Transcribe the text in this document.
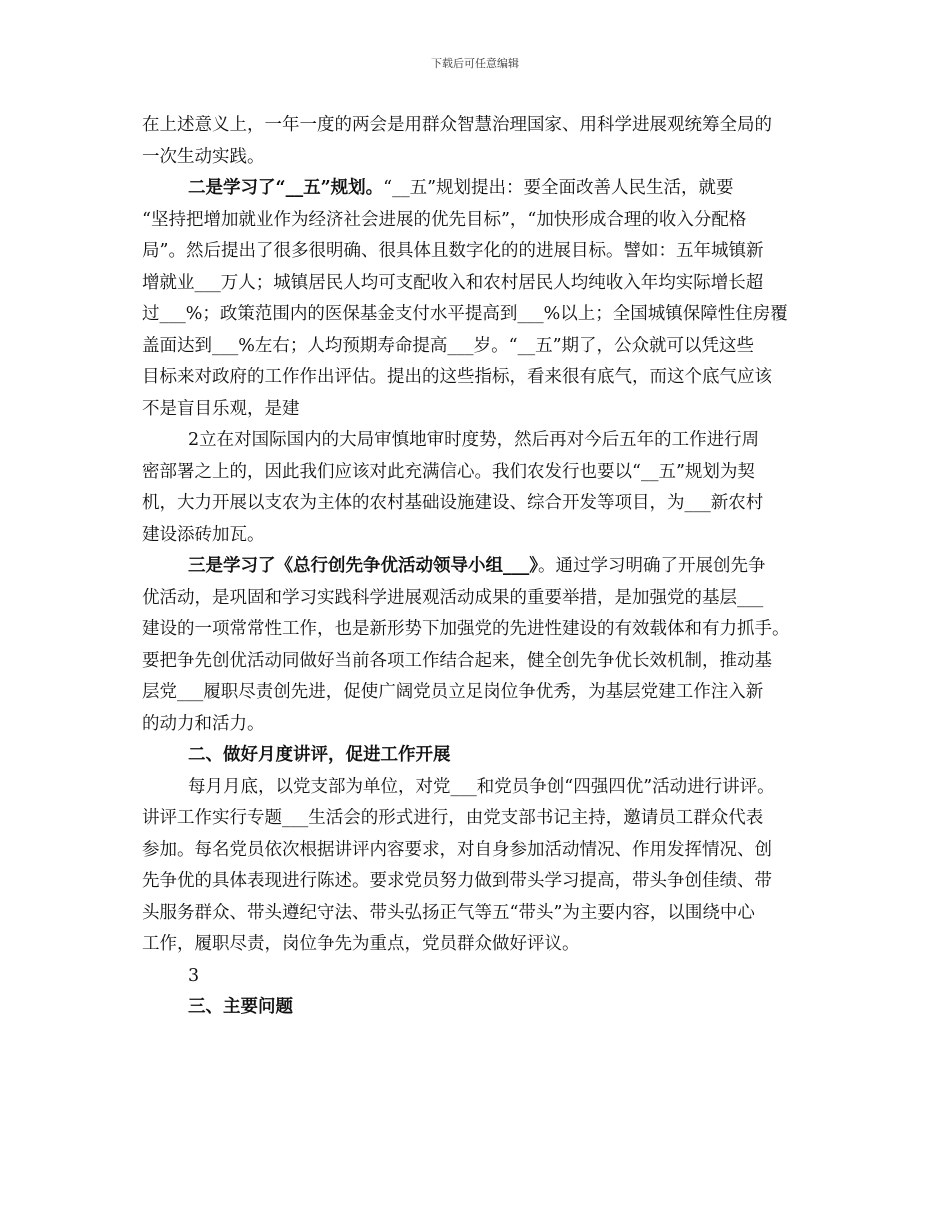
下载后可任意编辑
在上述意义上，一年一度的两会是用群众智慧治理国家、用科学进展观统筹全局的
一次生动实践。
二是学习了“__五”规划。“__五”规划提出：要全面改善人民生活，就要
“坚持把增加就业作为经济社会进展的优先目标”，“加快形成合理的收入分配格
局”。然后提出了很多很明确、很具体且数字化的的进展目标。譬如：五年城镇新
增就业___万人；城镇居民人均可支配收入和农村居民人均纯收入年均实际增长超
过___%；政策范围内的医保基金支付水平提高到___%以上；全国城镇保障性住房覆
盖面达到___%左右；人均预期寿命提高___岁。“__五”期了，公众就可以凭这些
目标来对政府的工作作出评估。提出的这些指标，看来很有底气，而这个底气应该
不是盲目乐观，是建
2立在对国际国内的大局审慎地审时度势，然后再对今后五年的工作进行周
密部署之上的，因此我们应该对此充满信心。我们农发行也要以“__五”规划为契
机，大力开展以支农为主体的农村基础设施建设、综合开发等项目，为___新农村
建设添砖加瓦。
三是学习了《总行创先争优活动领导小组___》。通过学习明确了开展创先争
优活动，是巩固和学习实践科学进展观活动成果的重要举措，是加强党的基层___
建设的一项常常性工作，也是新形势下加强党的先进性建设的有效载体和有力抓手。
要把争先创优活动同做好当前各项工作结合起来，健全创先争优长效机制，推动基
层党___履职尽责创先进，促使广阔党员立足岗位争优秀，为基层党建工作注入新
的动力和活力。
二、做好月度讲评，促进工作开展
每月月底，以党支部为单位，对党___和党员争创“四强四优”活动进行讲评。
讲评工作实行专题___生活会的形式进行，由党支部书记主持，邀请员工群众代表
参加。每名党员依次根据讲评内容要求，对自身参加活动情况、作用发挥情况、创
先争优的具体表现进行陈述。要求党员努力做到带头学习提高，带头争创佳绩、带
头服务群众、带头遵纪守法、带头弘扬正气等五“带头”为主要内容，以围绕中心
工作，履职尽责，岗位争先为重点，党员群众做好评议。
3
三、主要问题
